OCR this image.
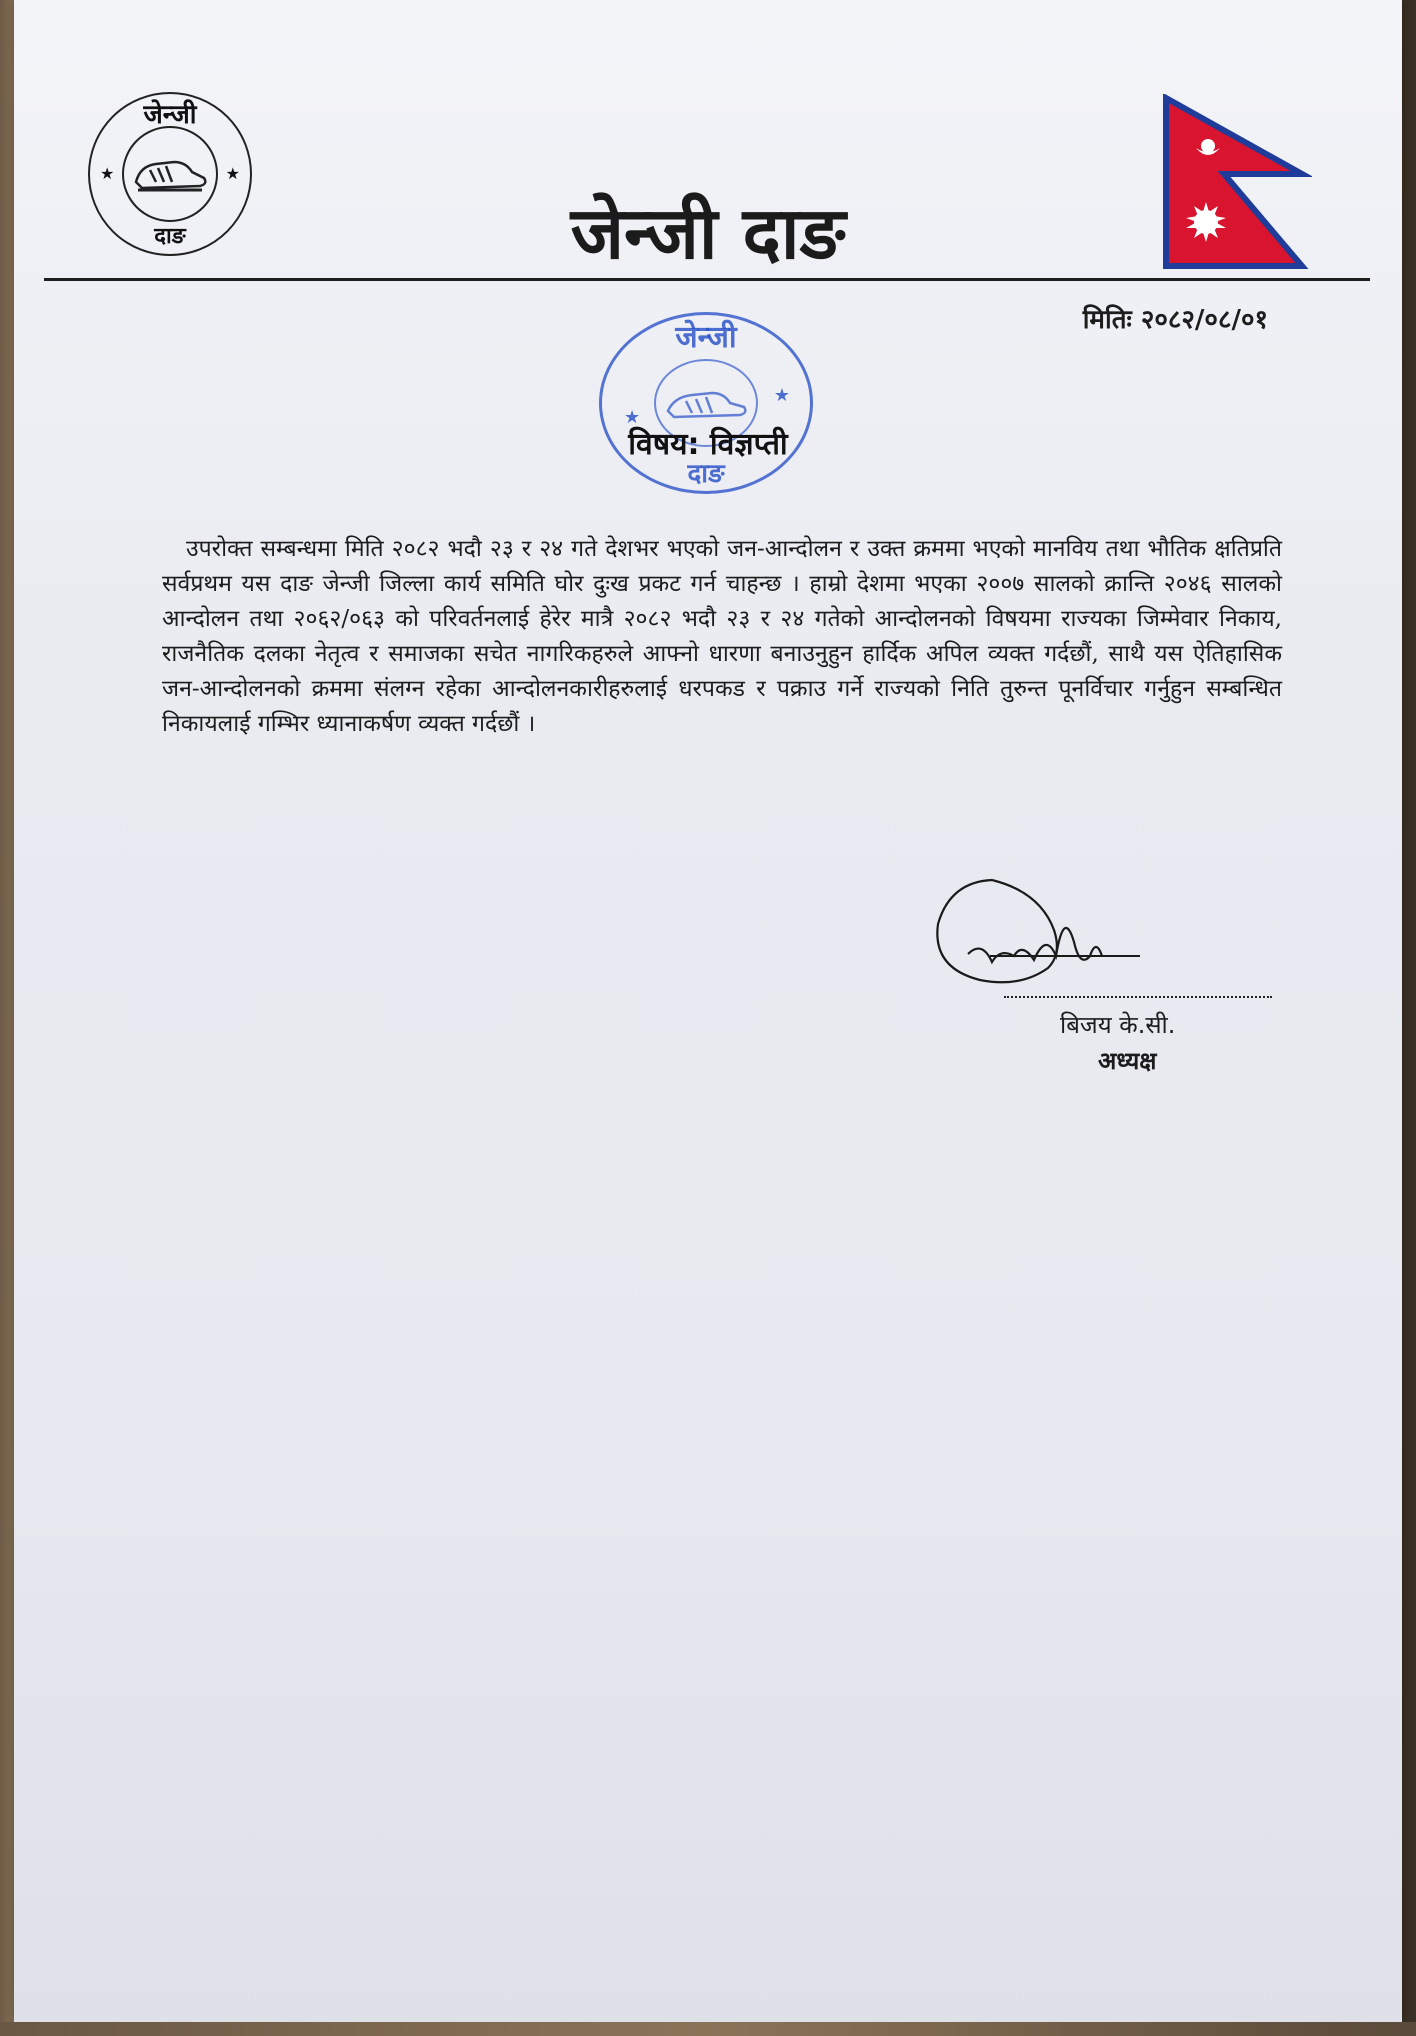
जेन्जी
★	★
दाङ	जेन्जी दाङ
मितिः २०८२/०८/०१
जेन्जी
★
★
दाङ
विषय: विज्ञप्ती
उपरोक्त सम्बन्धमा मिति २०८२ भदौ २३ र २४ गते देशभर भएको जन-आन्दोलन र उक्त क्रममा भएको मानविय तथा भौतिक क्षतिप्रति सर्वप्रथम यस दाङ जेन्जी जिल्ला कार्य समिति घोर दुःख प्रकट गर्न चाहन्छ । हाम्रो देशमा भएका २००७ सालको क्रान्ति २०४६ सालको आन्दोलन तथा २०६२/०६३ को परिवर्तनलाई हेरेर मात्रै २०८२ भदौ २३ र २४ गतेको आन्दोलनको विषयमा राज्यका जिम्मेवार निकाय, राजनैतिक दलका नेतृत्व र समाजका सचेत नागरिकहरुले आफ्नो धारणा बनाउनुहुन हार्दिक अपिल व्यक्त गर्दछौं, साथै यस ऐतिहासिक जन-आन्दोलनको क्रममा संलग्न रहेका आन्दोलनकारीहरुलाई धरपकड र पक्राउ गर्ने राज्यको निति तुरुन्त पूनर्विचार गर्नुहुन सम्बन्धित निकायलाई गम्भिर ध्यानाकर्षण व्यक्त गर्दछौं ।
बिजय के.सी.
अध्यक्ष
